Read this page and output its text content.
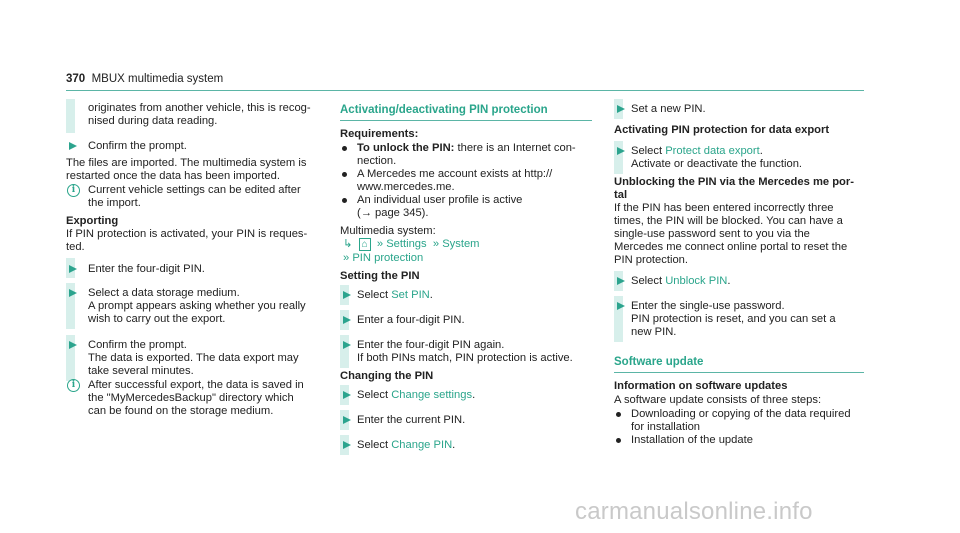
370 MBUX multimedia system
originates from another vehicle, this is recog-
nised during data reading.
Confirm the prompt.
The files are imported. The multimedia system is
restarted once the data has been imported.
i	Current vehicle settings can be edited after
the import.
Exporting
If PIN protection is activated, your PIN is reques-
ted.
Enter the four-digit PIN.
Select a data storage medium.
A prompt appears asking whether you really
wish to carry out the export.
Confirm the prompt.
The data is exported. The data export may
take several minutes.
i	After successful export, the data is saved in
the "MyMercedesBackup" directory which
can be found on the storage medium.
Activating/deactivating PIN protection
Requirements:
To unlock the PIN: there is an Internet con-
nection.
A Mercedes me account exists at http://
www.mercedes.me.
An individual user profile is active
(→ page 345).
Multimedia system:
↳ ⌂ » Settings » System
» PIN protection
Setting the PIN
Select Set PIN.
Enter a four-digit PIN.
Enter the four-digit PIN again.
If both PINs match, PIN protection is active.
Changing the PIN
Select Change settings.
Enter the current PIN.
Select Change PIN.
Set a new PIN.
Activating PIN protection for data export
Select Protect data export.
Activate or deactivate the function.
Unblocking the PIN via the Mercedes me por-
tal
If the PIN has been entered incorrectly three
times, the PIN will be blocked. You can have a
single-use password sent to you via the
Mercedes me connect online portal to reset the
PIN protection.
Select Unblock PIN.
Enter the single-use password.
PIN protection is reset, and you can set a
new PIN.
Software update
Information on software updates
A software update consists of three steps:
Downloading or copying of the data required
for installation
Installation of the update
carmanualsonline.info
